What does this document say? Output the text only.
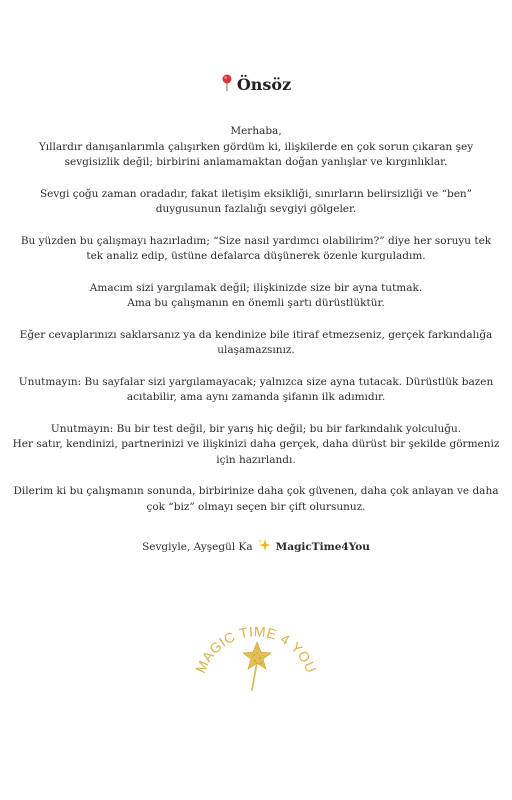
Önsöz
Merhaba,
Yıllardır danışanlarımla çalışırken gördüm ki, ilişkilerde en çok sorun çıkaran şey sevgisizlik değil; birbirini anlamamaktan doğan yanlışlar ve kırgınlıklar.
Sevgi çoğu zaman oradadır, fakat iletişim eksikliği, sınırların belirsizliği ve “ben” duygusunun fazlalığı sevgiyi gölgeler.
Bu yüzden bu çalışmayı hazırladım; “Size nasıl yardımcı olabilirim?” diye her soruyu tek tek analiz edip, üstüne defalarca düşünerek özenle kurguladım.
Amacım sizi yargılamak değil; ilişkinizde size bir ayna tutmak.
Ama bu çalışmanın en önemli şartı dürüstlüktür.
Eğer cevaplarınızı saklarsanız ya da kendinize bile itiraf etmezseniz, gerçek farkındalığa ulaşamazsınız.
Unutmayın: Bu sayfalar sizi yargılamayacak; yalnızca size ayna tutacak. Dürüstlük bazen acıtabilir, ama aynı zamanda şifanın ilk adımıdır.
Unutmayın: Bu bir test değil, bir yarış hiç değil; bu bir farkındalık yolculuğu.
Her satır, kendinizi, partnerinizi ve ilişkinizi daha gerçek, daha dürüst bir şekilde görmeniz için hazırlandı.
Dilerim ki bu çalışmanın sonunda, birbirinize daha çok güvenen, daha çok anlayan ve daha çok “biz” olmayı seçen bir çift olursunuz.
Sevgiyle, Ayşegül Ka MagicTime4You
MAGIC TIME 4 YOU
